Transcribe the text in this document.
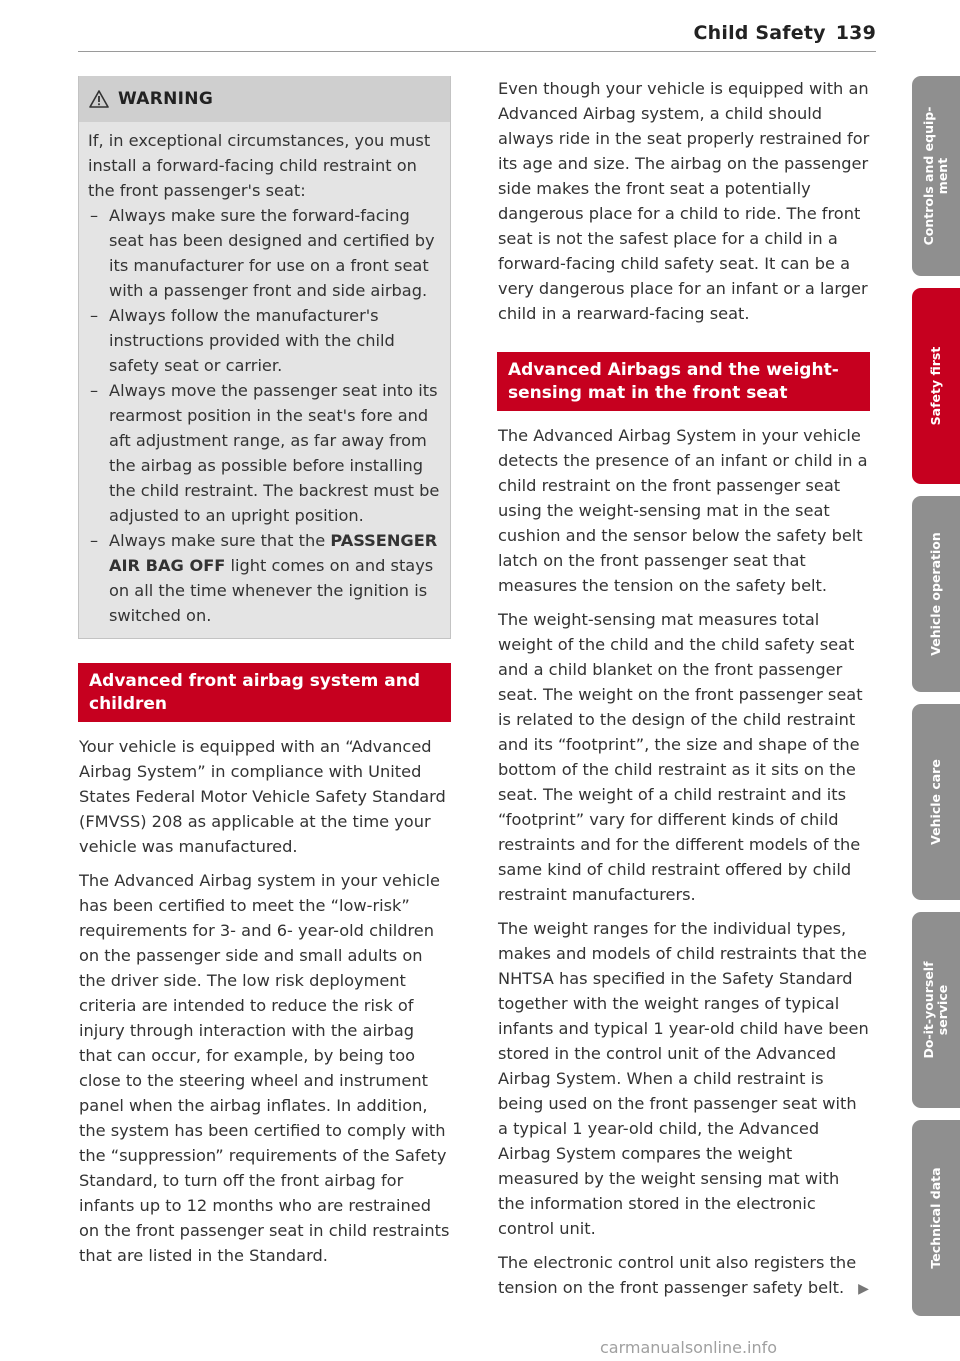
Child Safety 139
WARNING

If, in exceptional circumstances, you must install a forward-facing child restraint on the front passenger's seat:

– Always make sure the forward-facing seat has been designed and certified by its manufacturer for use on a front seat with a passenger front and side airbag.
– Always follow the manufacturer's instructions provided with the child safety seat or carrier.
– Always move the passenger seat into its rearmost position in the seat's fore and aft adjustment range, as far away from the airbag as possible before installing the child restraint. The backrest must be adjusted to an upright position.
– Always make sure that the PASSENGER AIR BAG OFF light comes on and stays on all the time whenever the ignition is switched on.
Advanced front airbag system and children

Your vehicle is equipped with an “Advanced Airbag System” in compliance with United States Federal Motor Vehicle Safety Standard (FMVSS) 208 as applicable at the time your vehicle was manufactured.

The Advanced Airbag system in your vehicle has been certified to meet the “low-risk” requirements for 3- and 6- year-old children on the passenger side and small adults on the driver side. The low risk deployment criteria are intended to reduce the risk of injury through interaction with the airbag that can occur, for example, by being too close to the steering wheel and instrument panel when the airbag inflates. In addition, the system has been certified to comply with the “suppression” requirements of the Safety Standard, to turn off the front airbag for infants up to 12 months who are restrained on the front passenger seat in child restraints that are listed in the Standard.

Even though your vehicle is equipped with an Advanced Airbag system, a child should always ride in the seat properly restrained for its age and size. The airbag on the passenger side makes the front seat a potentially dangerous place for a child to ride. The front seat is not the safest place for a child in a forward-facing child safety seat. It can be a very dangerous place for an infant or a larger child in a rearward-facing seat.

Advanced Airbags and the weight-sensing mat in the front seat

The Advanced Airbag System in your vehicle detects the presence of an infant or child in a child restraint on the front passenger seat using the weight-sensing mat in the seat cushion and the sensor below the safety belt latch on the front passenger seat that measures the tension on the safety belt.

The weight-sensing mat measures total weight of the child and the child safety seat and a child blanket on the front passenger seat. The weight on the front passenger seat is related to the design of the child restraint and its “footprint”, the size and shape of the bottom of the child restraint as it sits on the seat. The weight of a child restraint and its “footprint” vary for different kinds of child restraints and for the different models of the same kind of child restraint offered by child restraint manufacturers.

The weight ranges for the individual types, makes and models of child restraints that the NHTSA has specified in the Safety Standard together with the weight ranges of typical infants and typical 1 year-old child have been stored in the control unit of the Advanced Airbag System. When a child restraint is being used on the front passenger seat with a typical 1 year-old child, the Advanced Airbag System compares the weight measured by the weight sensing mat with the information stored in the electronic control unit.

The electronic control unit also registers the tension on the front passenger safety belt. ▶

Controls and equip-
ment
Safety first
Vehicle operation
Vehicle care
Do-it-yourself
service
Technical data
carmanualsonline.info
